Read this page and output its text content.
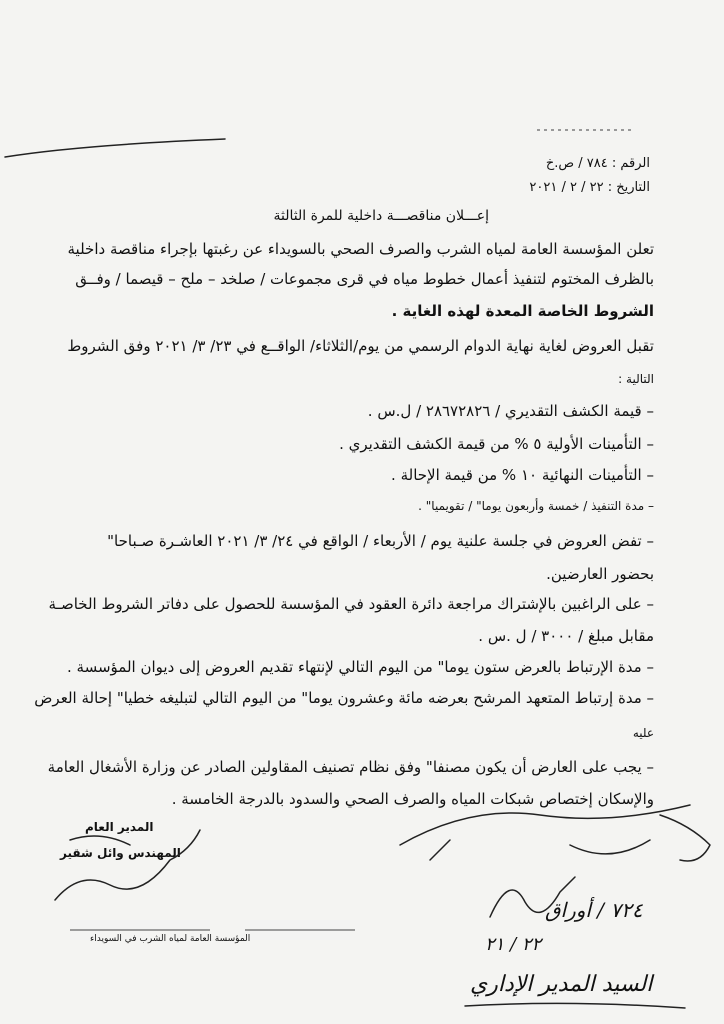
الرقم : ٧٨٤ / ص.خ
التاريخ : ٢٢ / ٢ / ٢٠٢١
إعـــلان مناقصـــة داخلية للمرة الثالثة
تعلن المؤسسة العامة لمياه الشرب والصرف الصحي بالسويداء عن رغبتها بإجراء مناقصة داخلية
بالظرف المختوم لتنفيذ أعمال خطوط مياه في قرى مجموعات / صلخد – ملح – قيصما / وفــق
الشروط الخاصة المعدة لهذه الغاية .
تقبل العروض لغاية نهاية الدوام الرسمي من يوم/الثلاثاء/ الواقــع في ٢٣/ ٣/ ٢٠٢١ وفق الشروط
التالية :
– قيمة الكشف التقديري / ٢٨٦٧٢٨٢٦ / ل.س .
– التأمينات الأولية ٥ % من قيمة الكشف التقديري .
– التأمينات النهائية ١٠ % من قيمة الإحالة .
– مدة التنفيذ / خمسة وأربعون يوما" / تقويميا" .
– تفض العروض في جلسة علنية يوم / الأربعاء / الواقع في ٢٤/ ٣/ ٢٠٢١ العاشـرة صـباحا"
بحضور العارضين.
– على الراغبين بالإشتراك مراجعة دائرة العقود في المؤسسة للحصول على دفاتر الشروط الخاصـة
مقابل مبلغ / ٣٠٠٠ / ل .س .
– مدة الإرتباط بالعرض ستون يوما" من اليوم التالي لإنتهاء تقديم العروض إلى ديوان المؤسسة .
– مدة إرتباط المتعهد المرشح بعرضه مائة وعشرون يوما" من اليوم التالي لتبليغه خطيا" إحالة العرض
عليه
– يجب على العارض أن يكون مصنفا" وفق نظام تصنيف المقاولين الصادر عن وزارة الأشغال العامة
والإسكان إختصاص شبكات المياه والصرف الصحي والسدود بالدرجة الخامسة .
المدير العام
المهندس وائل شقير
المؤسسة العامة لمياه الشرب في السويداء
٧٢٤ / أوراق
٢٢ / ٢١
السيد المدير الإداري
